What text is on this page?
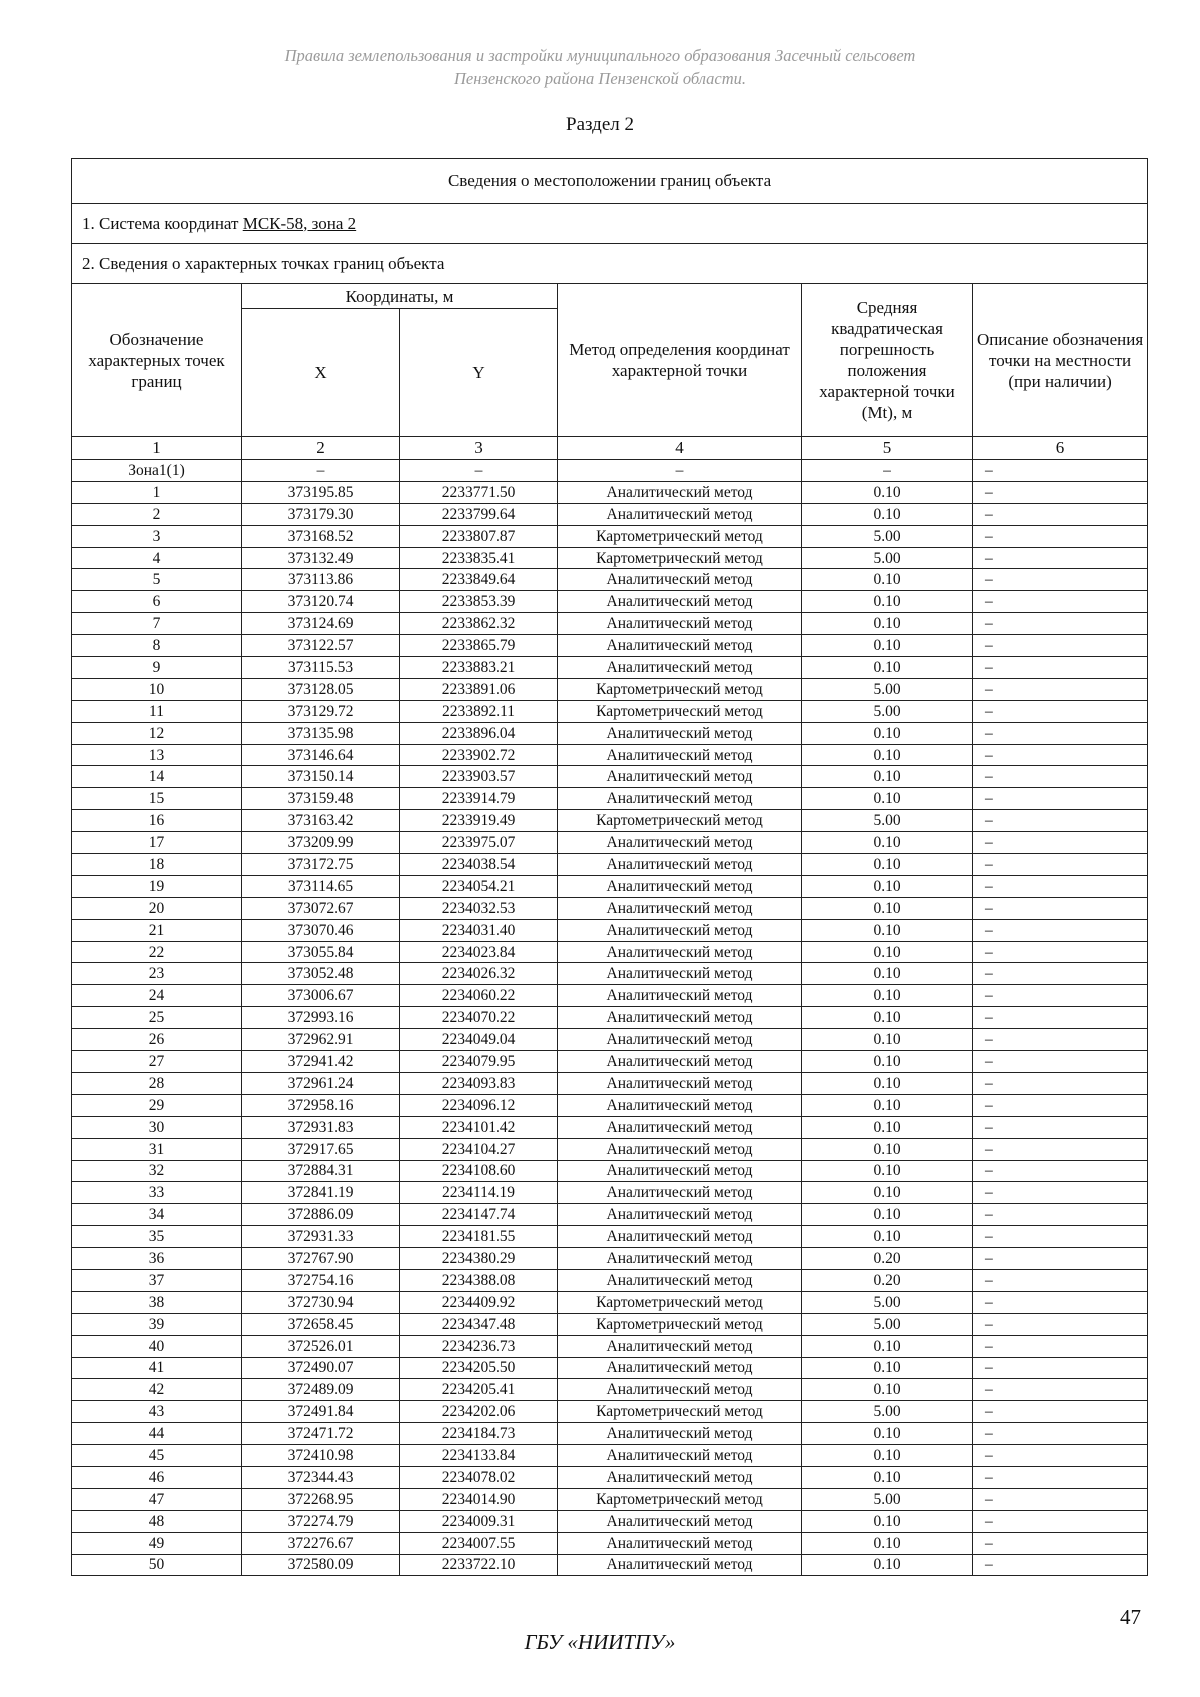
Правила землепользования и застройки муниципального образования Засечный сельсовет
Пензенского района Пензенской области.
Раздел 2
Сведения о местоположении границ объекта					
1. Система координат МСК-58, зона 2					
2. Сведения о характерных точках границ объекта					
Обозначение характерных точек границ	Координаты, м		Метод определения координат характерной точки	Средняя квадратическая погрешность положения характерной точки (Mt), м	Описание обозначения точки на местности (при наличии)
	X	Y			
1	2	3	4	5	6
Зона1(1)	–	–	–	–	–
1	373195.85	2233771.50	Аналитический метод	0.10	–
2	373179.30	2233799.64	Аналитический метод	0.10	–
3	373168.52	2233807.87	Картометрический метод	5.00	–
4	373132.49	2233835.41	Картометрический метод	5.00	–
5	373113.86	2233849.64	Аналитический метод	0.10	–
6	373120.74	2233853.39	Аналитический метод	0.10	–
7	373124.69	2233862.32	Аналитический метод	0.10	–
8	373122.57	2233865.79	Аналитический метод	0.10	–
9	373115.53	2233883.21	Аналитический метод	0.10	–
10	373128.05	2233891.06	Картометрический метод	5.00	–
11	373129.72	2233892.11	Картометрический метод	5.00	–
12	373135.98	2233896.04	Аналитический метод	0.10	–
13	373146.64	2233902.72	Аналитический метод	0.10	–
14	373150.14	2233903.57	Аналитический метод	0.10	–
15	373159.48	2233914.79	Аналитический метод	0.10	–
16	373163.42	2233919.49	Картометрический метод	5.00	–
17	373209.99	2233975.07	Аналитический метод	0.10	–
18	373172.75	2234038.54	Аналитический метод	0.10	–
19	373114.65	2234054.21	Аналитический метод	0.10	–
20	373072.67	2234032.53	Аналитический метод	0.10	–
21	373070.46	2234031.40	Аналитический метод	0.10	–
22	373055.84	2234023.84	Аналитический метод	0.10	–
23	373052.48	2234026.32	Аналитический метод	0.10	–
24	373006.67	2234060.22	Аналитический метод	0.10	–
25	372993.16	2234070.22	Аналитический метод	0.10	–
26	372962.91	2234049.04	Аналитический метод	0.10	–
27	372941.42	2234079.95	Аналитический метод	0.10	–
28	372961.24	2234093.83	Аналитический метод	0.10	–
29	372958.16	2234096.12	Аналитический метод	0.10	–
30	372931.83	2234101.42	Аналитический метод	0.10	–
31	372917.65	2234104.27	Аналитический метод	0.10	–
32	372884.31	2234108.60	Аналитический метод	0.10	–
33	372841.19	2234114.19	Аналитический метод	0.10	–
34	372886.09	2234147.74	Аналитический метод	0.10	–
35	372931.33	2234181.55	Аналитический метод	0.10	–
36	372767.90	2234380.29	Аналитический метод	0.20	–
37	372754.16	2234388.08	Аналитический метод	0.20	–
38	372730.94	2234409.92	Картометрический метод	5.00	–
39	372658.45	2234347.48	Картометрический метод	5.00	–
40	372526.01	2234236.73	Аналитический метод	0.10	–
41	372490.07	2234205.50	Аналитический метод	0.10	–
42	372489.09	2234205.41	Аналитический метод	0.10	–
43	372491.84	2234202.06	Картометрический метод	5.00	–
44	372471.72	2234184.73	Аналитический метод	0.10	–
45	372410.98	2234133.84	Аналитический метод	0.10	–
46	372344.43	2234078.02	Аналитический метод	0.10	–
47	372268.95	2234014.90	Картометрический метод	5.00	–
48	372274.79	2234009.31	Аналитический метод	0.10	–
49	372276.67	2234007.55	Аналитический метод	0.10	–
50	372580.09	2233722.10	Аналитический метод	0.10	–
47
ГБУ «НИИТПУ»
